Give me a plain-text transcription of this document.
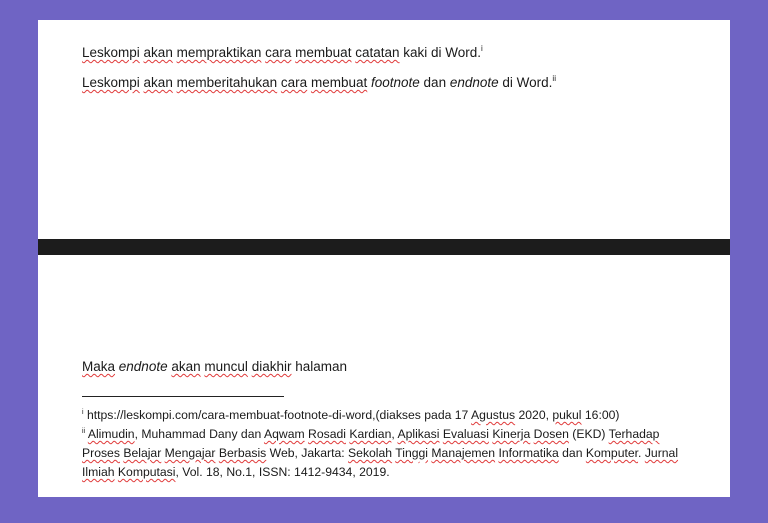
Leskompi akan mempraktikan cara membuat catatan kaki di Word.$^i$
Leskompi akan memberitahukan cara membuat footnote dan endnote di Word.$^{ii}$
Maka endnote akan muncul diakhir halaman
$^i$ https://leskompi.com/cara-membuat-footnote-di-word,(diakses pada 17 Agustus 2020, pukul 16:00)
$^{ii}$ Alimudin, Muhammad Dany dan Aqwam Rosadi Kardian, Aplikasi Evaluasi Kinerja Dosen (EKD) Terhadap
Proses Belajar Mengajar Berbasis Web, Jakarta: Sekolah Tinggi Manajemen Informatika dan Komputer. Jurnal
Ilmiah Komputasi, Vol. 18, No.1, ISSN: 1412-9434, 2019.
